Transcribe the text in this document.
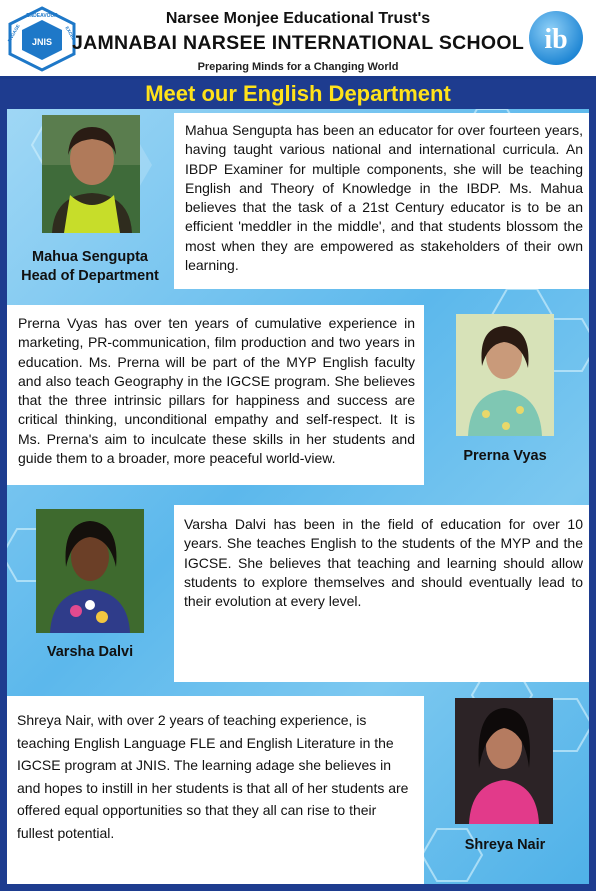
JNIS
ENDEAVOUR
ENGAGE	EXCEL
Narsee Monjee Educational Trust's
JAMNABAI NARSEE INTERNATIONAL SCHOOL
Preparing Minds for a Changing World
ib
Meet our English Department
Mahua Sengupta
Head of Department
Mahua Sengupta has been an educator for over fourteen years, having taught various national and international curricula. An IBDP Examiner for multiple components, she will be teaching English and Theory of Knowledge in the IBDP. Ms. Mahua believes that the task of a 21st Century educator is to be an efficient 'meddler in the middle', and that students blossom the most when they are empowered as stakeholders of their own learning.
Prerna Vyas has over ten years of cumulative experience in marketing, PR-communication, film production and two years in education. Ms. Prerna will be part of the MYP English faculty and also teach Geography in the IGCSE program. She believes that the three intrinsic pillars for happiness and success are critical thinking, unconditional empathy and self-respect. It is Ms. Prerna's aim to inculcate these skills in her students and guide them to a broader, more peaceful world-view.	Prerna Vyas
Varsha Dalvi
Varsha Dalvi has been in the field of education for over 10 years. She teaches English to the students of the MYP and the IGCSE. She believes that teaching and learning should allow students to explore themselves and should eventually lead to their evolution at every level.
Shreya Nair, with over 2 years of teaching experience, is teaching English Language FLE and English Literature in the IGCSE program at JNIS. The learning adage she believes in and hopes to instill in her students is that all of her students are offered equal opportunities so that they all can rise to their fullest potential.
Shreya Nair
